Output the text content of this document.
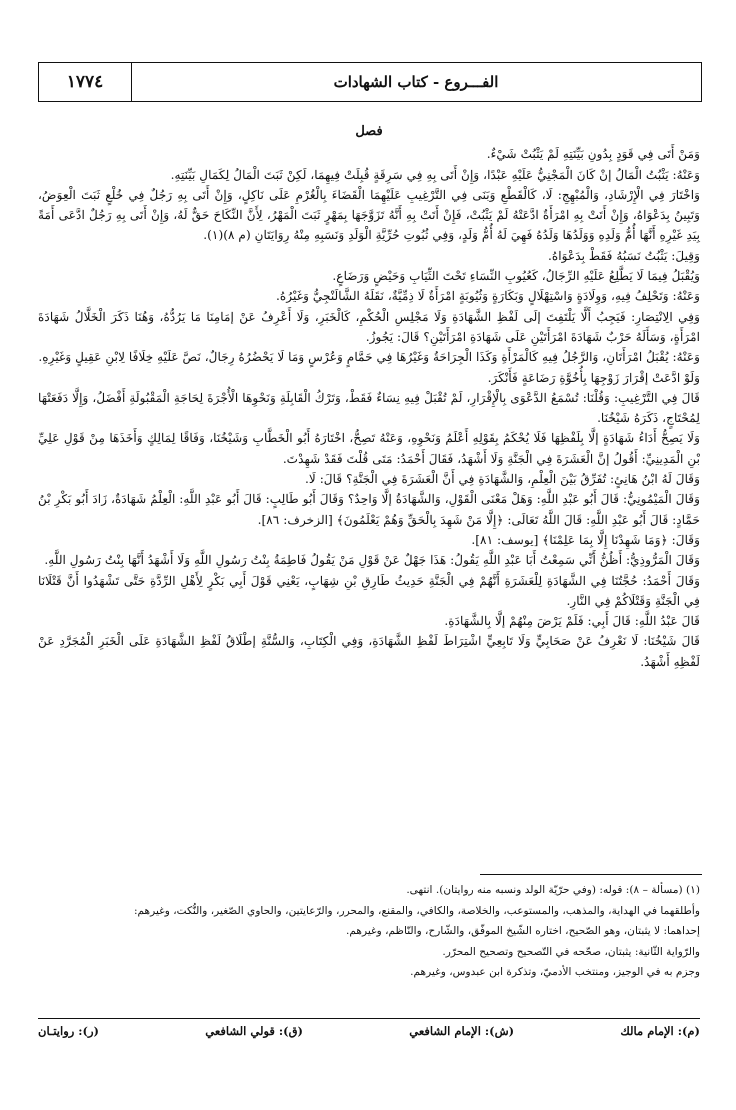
الفـــروع - كتاب الشهادات
١٧٧٤
فصل

وَمَنْ أَتَى فِي قَوَدٍ بِدُونِ بَيِّنَتِهِ لَمْ يَثْبُتْ شَيْءٌ.

وَعَنْهُ: يَثْبُتُ الْمَالُ إنْ كَانَ الْمَجْنِيُّ عَلَيْهِ عَبْدًا، وَإِنْ أَتَى بِهِ فِي سَرِقَةٍ قُبِلَتْ فِيهِمَا، لَكِنْ ثَبَتَ الْمَالُ لِكَمَالِ بَيِّنَتِهِ.

وَاخْتَارَ فِي الْإِرْشَادِ، وَالْمُبْهِجِ: لَا، كَالْقَطْعِ وَبَنَى فِي التَّرْغِيبِ عَلَيْهِمَا الْقَضَاءَ بِالْغُرْمِ عَلَى نَاكِلٍ، وَإِنْ أَتَى بِهِ رَجُلٌ فِي خُلْعٍ ثَبَتَ الْعِوَضُ، وَتَبِينُ بِدَعْوَاهُ، وَإِنْ أَتَتْ بِهِ امْرَأَةٌ ادَّعَتْهُ لَمْ يَثْبُتْ، فَإِنْ أَتَتْ بِهِ أَنَّهُ تَزَوَّجَهَا بِمَهْرٍ ثَبَتَ الْمَهْرُ، لِأَنَّ النِّكَاحَ حَقٌّ لَهُ، وَإِنْ أَتَى بِهِ رَجُلٌ ادَّعَى أَمَةً بِيَدِ غَيْرِهِ أَنَّهَا أُمُّ وَلَدِهِ وَوَلَدُهَا وَلَدُهُ فَهِيَ لَهُ أُمُّ وَلَدٍ، وَفِي ثُبُوتِ حُرِّيَّةِ الْوَلَدِ وَنَسَبِهِ مِنْهُ رِوَايَتَانِ (م ٨)(١).

وَقِيلَ: يَثْبُتُ نَسَبُهُ فَقَطْ بِدَعْوَاهُ.

وَيُقْبَلُ فِيمَا لَا يَطَّلِعُ عَلَيْهِ الرِّجَالُ، كَعُيُوبِ النِّسَاءِ تَحْتَ الثِّيَابِ وَحَيْضٍ وَرَضَاعٍ.

وَعَنْهُ: وَتَحْلِفُ فِيهِ، وَوِلَادَةٍ وَاسْتِهْلَالٍ وَبَكَارَةٍ وَثُيُوبَةٍ امْرَأَةٌ لَا ذِمِّيَّةٌ، نَقَلَهُ الشَّالَنْجِيُّ وَغَيْرُهُ.

وَفِي الِانْتِصَارِ: فَيَجِبُ أَلَّا يَلْتَفِتَ إلَى لَفْظِ الشَّهَادَةِ وَلَا مَجْلِسِ الْحُكْمِ، كَالْخَبَرِ، وَلَا أَعْرِفُ عَنْ إمَامِنَا مَا يَرُدُّهُ، وَهُنَا ذَكَرَ الْخَلَّالُ شَهَادَةَ امْرَأَةٍ، وَسَأَلَهُ حَرْبٌ شَهَادَةَ امْرَأَتَيْنِ عَلَى شَهَادَةِ امْرَأَتَيْنِ؟ قَالَ: يَجُوزُ.

وَعَنْهُ: يُقْبَلُ امْرَأَتَانِ، وَالرَّجُلُ فِيهِ كَالْمَرْأَةِ وَكَذَا الْجِرَاحَةُ وَغَيْرُهَا فِي حَمَّامٍ وَعُرْسٍ وَمَا لَا يَحْضُرُهُ رِجَالٌ، نَصَّ عَلَيْهِ خِلَافًا لِابْنِ عَقِيلٍ وَغَيْرِهِ.

وَلَوْ ادَّعَتْ إقْرَارَ زَوْجِهَا بِأُخُوَّةِ رَضَاعَةٍ فَأَنْكَرَ.

قَالَ فِي التَّرْغِيبِ: وَقُلْنَا: تُسْمَعُ الدَّعْوَى بِالْإِقْرَارِ، لَمْ تُقْبَلْ فِيهِ نِسَاءٌ فَقَطْ، وَتَرْكُ الْقَابِلَةِ وَنَحْوِهَا الْأُجْرَةَ لِحَاجَةِ الْمَقْبُولَةِ أَفْضَلُ، وَإِلَّا دَفَعَتْهَا لِمُحْتَاجٍ، ذَكَرَهُ شَيْخُنَا.

وَلَا يَصِحُّ أَدَاءُ شَهَادَةٍ إلَّا بِلَفْظِهَا فَلَا يُحْكَمُ بِقَوْلِهِ أَعْلَمُ وَنَحْوِهِ، وَعَنْهُ تَصِحُّ، اخْتَارَهُ أَبُو الْخَطَّابِ وَشَيْخُنَا، وَفَاقًا لِمَالِكٍ وَأَخَذَهَا مِنْ قَوْلِ عَلِيِّ بْنِ الْمَدِينِيِّ: أَقُولُ إنَّ الْعَشَرَةَ فِي الْجَنَّةِ وَلَا أَشْهَدُ، فَقَالَ أَحْمَدُ: مَتَى قُلْتَ فَقَدْ شَهِدْتَ.

وَقَالَ لَهُ ابْنُ هَانِئٍ: تُفَرِّقُ بَيْنَ الْعِلْمِ، وَالشَّهَادَةِ فِي أَنَّ الْعَشَرَةَ فِي الْجَنَّةِ؟ قَالَ: لَا.

وَقَالَ الْمَيْمُونِيُّ: قَالَ أَبُو عَبْدِ اللَّهِ: وَهَلْ مَعْنَى الْقَوْلِ، وَالشَّهَادَةُ إلَّا وَاحِدٌ؟ وَقَالَ أَبُو طَالِبٍ: قَالَ أَبُو عَبْدِ اللَّهِ: الْعِلْمُ شَهَادَةٌ، زَادَ أَبُو بَكْرِ بْنُ حَمَّادٍ: قَالَ أَبُو عَبْدِ اللَّهِ: قَالَ اللَّهُ تَعَالَى: ﴿إِلَّا مَنْ شَهِدَ بِالْحَقِّ وَهُمْ يَعْلَمُونَ﴾ [الزخرف: ٨٦].

وَقَالَ: ﴿وَمَا شَهِدْنَا إِلَّا بِمَا عَلِمْنَا﴾ [يوسف: ٨١].

وَقَالَ الْمَرُّوذِيُّ: أَظُنُّ أَنِّي سَمِعْتُ أَبَا عَبْدِ اللَّهِ يَقُولُ: هَذَا جَهْلٌ عَنْ قَوْلِ مَنْ يَقُولُ فَاطِمَةُ بِنْتُ رَسُولِ اللَّهِ وَلَا أَشْهَدُ أَنَّهَا بِنْتُ رَسُولِ اللَّهِ.

وَقَالَ أَحْمَدُ: حُجَّتُنَا فِي الشَّهَادَةِ لِلْعَشَرَةِ أَنَّهُمْ فِي الْجَنَّةِ حَدِيثُ طَارِقِ بْنِ شِهَابٍ، يَعْنِي قَوْلَ أَبِي بَكْرٍ لِأَهْلِ الرِّدَّةِ حَتَّى تَشْهَدُوا أَنَّ قَتْلَانَا فِي الْجَنَّةِ وَقَتْلَاكُمْ فِي النَّارِ.

قَالَ عَبْدُ اللَّهِ: قَالَ أَبِي: فَلَمْ يَرْضَ مِنْهُمْ إلَّا بِالشَّهَادَةِ.

قَالَ شَيْخُنَا: لَا نَعْرِفُ عَنْ صَحَابِيٍّ وَلَا تَابِعِيٍّ اشْتِرَاطَ لَفْظِ الشَّهَادَةِ، وَفِي الْكِتَابِ، وَالسُّنَّةِ إطْلَاقُ لَفْظِ الشَّهَادَةِ عَلَى الْخَبَرِ الْمُجَرَّدِ عَنْ لَفْظِهِ أَشْهَدُ.

(١) (مسألة – ٨): قوله: (وفي حرّيّة الولد ونسبه منه روايتان). انتهى.

وأطلقهما في الهداية، والمذهب، والمستوعب، والخلاصة، والكافي، والمقنع، والمحرر، والرّعايتين، والحاوي الصّغير، والنُّكت، وغيرهم:

إحداهما: لا يثبتان، وهو الصّحيح، اختاره الشّيخ الموفّق، والشّارح، والنّاظم، وغيرهم.

والرّواية الثّانية: يثبتان، صحّحه في التّصحيح وتصحيح المحرّر.

وجزم به في الوجيز، ومنتخب الأدميّ، وتذكرة ابن عبدوس، وغيرهم.

(م): الإمام مالك
(ش): الإمام الشافعي
(ق): قولي الشافعي
(ر): روايتـان
